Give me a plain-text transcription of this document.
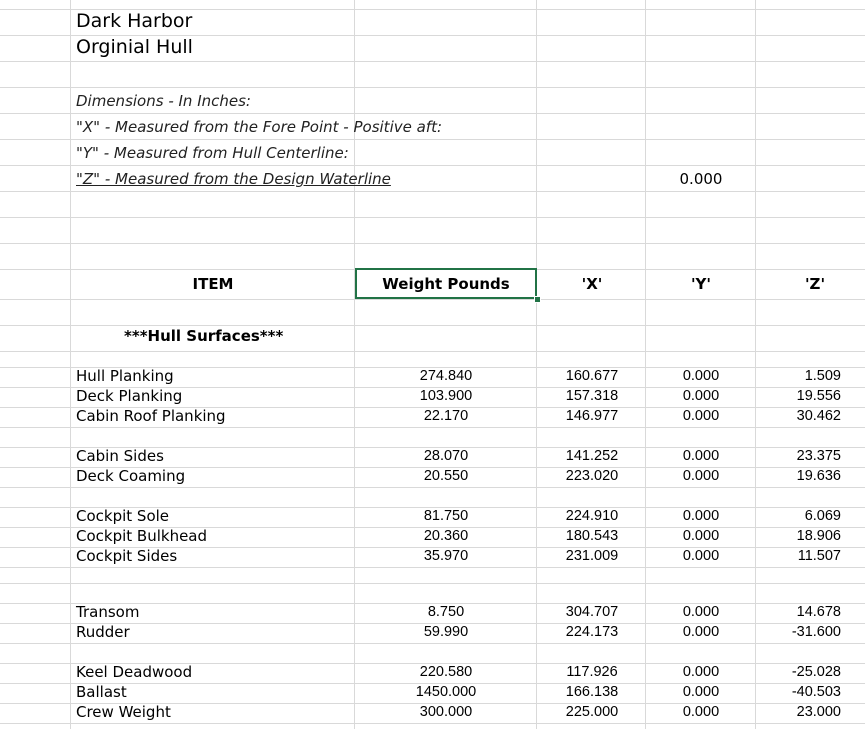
Dark Harbor
Orginial Hull
Dimensions - In Inches:
"X" - Measured from the Fore Point - Positive aft:
"Y" - Measured from Hull Centerline:
"Z" - Measured from the Design Waterline	0.000
ITEM	Weight Pounds	'X'	'Y'	'Z'
***Hull Surfaces***
Hull Planking	274.840	160.677	0.000	1.509
Deck Planking	103.900	157.318	0.000	19.556
Cabin Roof Planking	22.170	146.977	0.000	30.462
Cabin Sides	28.070	141.252	0.000	23.375
Deck Coaming	20.550	223.020	0.000	19.636
Cockpit Sole	81.750	224.910	0.000	6.069
Cockpit Bulkhead	20.360	180.543	0.000	18.906
Cockpit Sides	35.970	231.009	0.000	11.507
Transom	8.750	304.707	0.000	14.678
Rudder	59.990	224.173	0.000	-31.600
Keel Deadwood	220.580	117.926	0.000	-25.028
Ballast	1450.000	166.138	0.000	-40.503
Crew Weight	300.000	225.000	0.000	23.000
